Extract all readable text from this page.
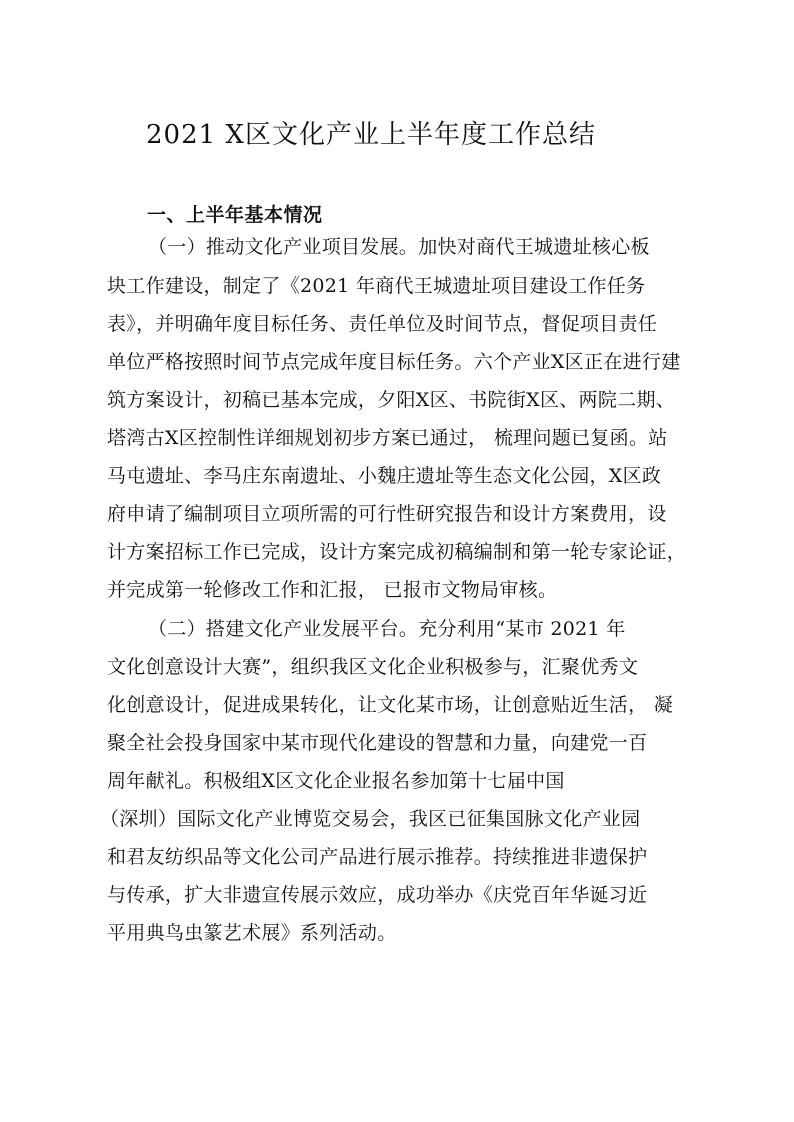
2021 X区文化产业上半年度工作总结
一、上半年基本情况
（一）推动文化产业项目发展。加快对商代王城遗址核心板
块工作建设，制定了《2021 年商代王城遗址项目建设工作任务
表》，并明确年度目标任务、责任单位及时间节点，督促项目责任
单位严格按照时间节点完成年度目标任务。六个产业X区正在进行建
筑方案设计，初稿已基本完成，夕阳X区、书院街X区、两院二期、
塔湾古X区控制性详细规划初步方案已通过， 梳理问题已复函。站
马屯遗址、李马庄东南遗址、小魏庄遗址等生态文化公园，X区政
府申请了编制项目立项所需的可行性研究报告和设计方案费用，设
计方案招标工作已完成，设计方案完成初稿编制和第一轮专家论证，
并完成第一轮修改工作和汇报， 已报市文物局审核。
（二）搭建文化产业发展平台。充分利用“某市 2021 年
文化创意设计大赛”，组织我区文化企业积极参与，汇聚优秀文
化创意设计，促进成果转化，让文化某市场，让创意贴近生活， 凝
聚全社会投身国家中某市现代化建设的智慧和力量，向建党一百
周年献礼。积极组X区文化企业报名参加第十七届中国
（深圳）国际文化产业博览交易会，我区已征集国脉文化产业园
和君友纺织品等文化公司产品进行展示推荐。持续推进非遗保护
与传承，扩大非遗宣传展示效应，成功举办《庆党百年华诞习近
平用典鸟虫篆艺术展》系列活动。
